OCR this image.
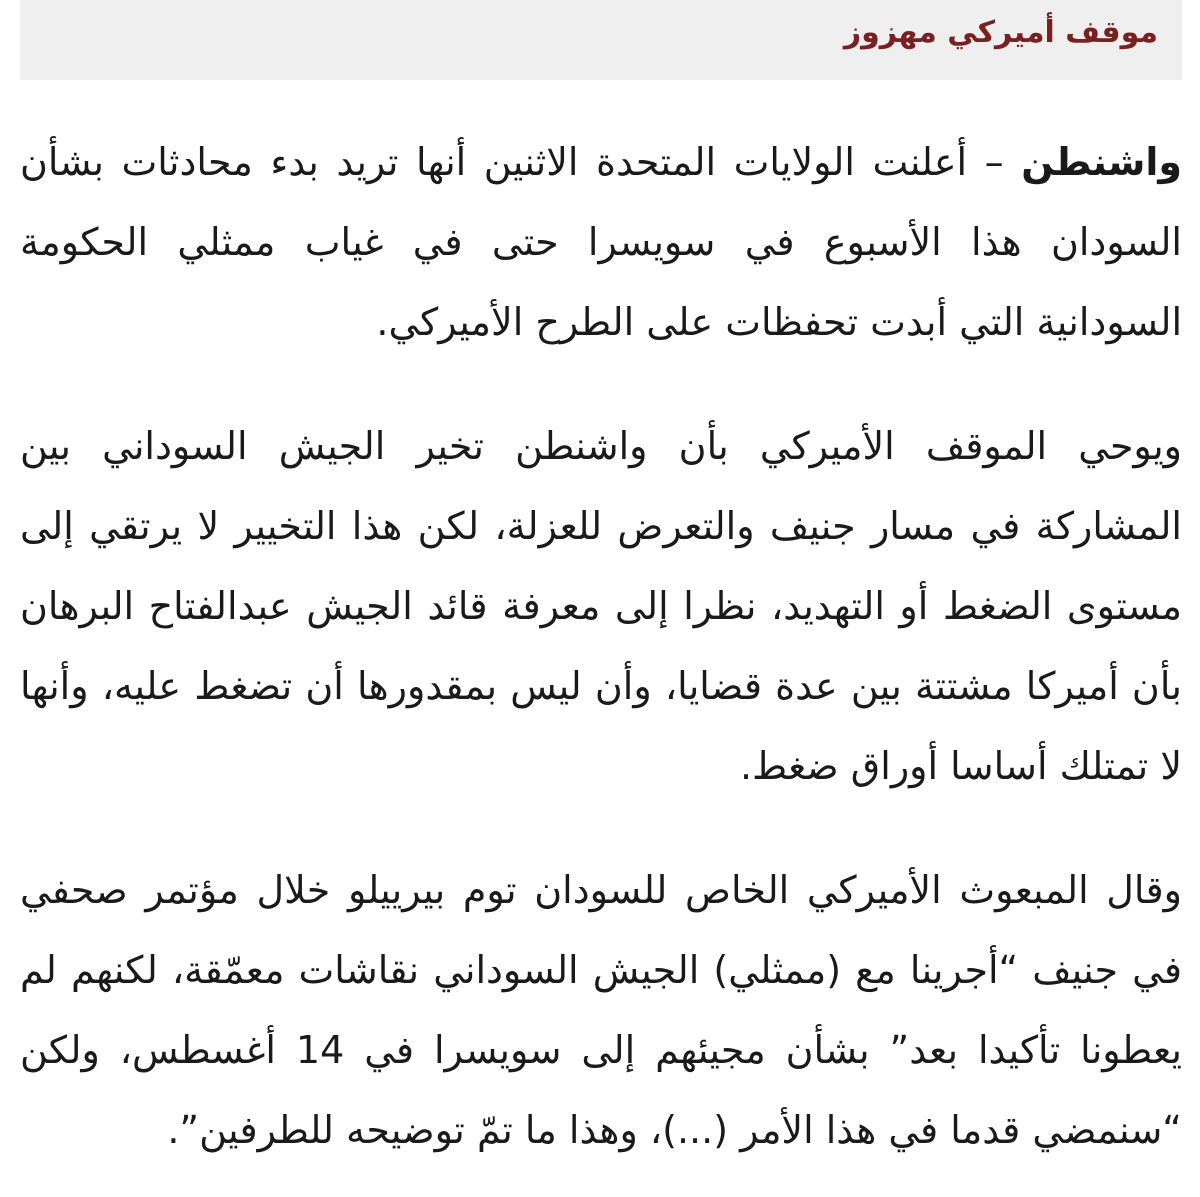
موقف أميركي مهزوز

واشنطن – أعلنت الولايات المتحدة الاثنين أنها تريد بدء محادثات بشأن السودان هذا الأسبوع في سويسرا حتى في غياب ممثلي الحكومة السودانية التي أبدت تحفظات على الطرح الأميركي.

ويوحي الموقف الأميركي بأن واشنطن تخير الجيش السوداني بين المشاركة في مسار جنيف والتعرض للعزلة، لكن هذا التخيير لا يرتقي إلى مستوى الضغط أو التهديد، نظرا إلى معرفة قائد الجيش عبدالفتاح البرهان بأن أميركا مشتتة بين عدة قضايا، وأن ليس بمقدورها أن تضغط عليه، وأنها لا تمتلك أساسا أوراق ضغط.

وقال المبعوث الأميركي الخاص للسودان توم بيرييلو خلال مؤتمر صحفي في جنيف “أجرينا مع (ممثلي) الجيش السوداني نقاشات معمّقة، لكنهم لم يعطونا تأكيدا بعد” بشأن مجيئهم إلى سويسرا في 14 أغسطس، ولكن “سنمضي قدما في هذا الأمر (...)، وهذا ما تمّ توضيحه للطرفين”.
